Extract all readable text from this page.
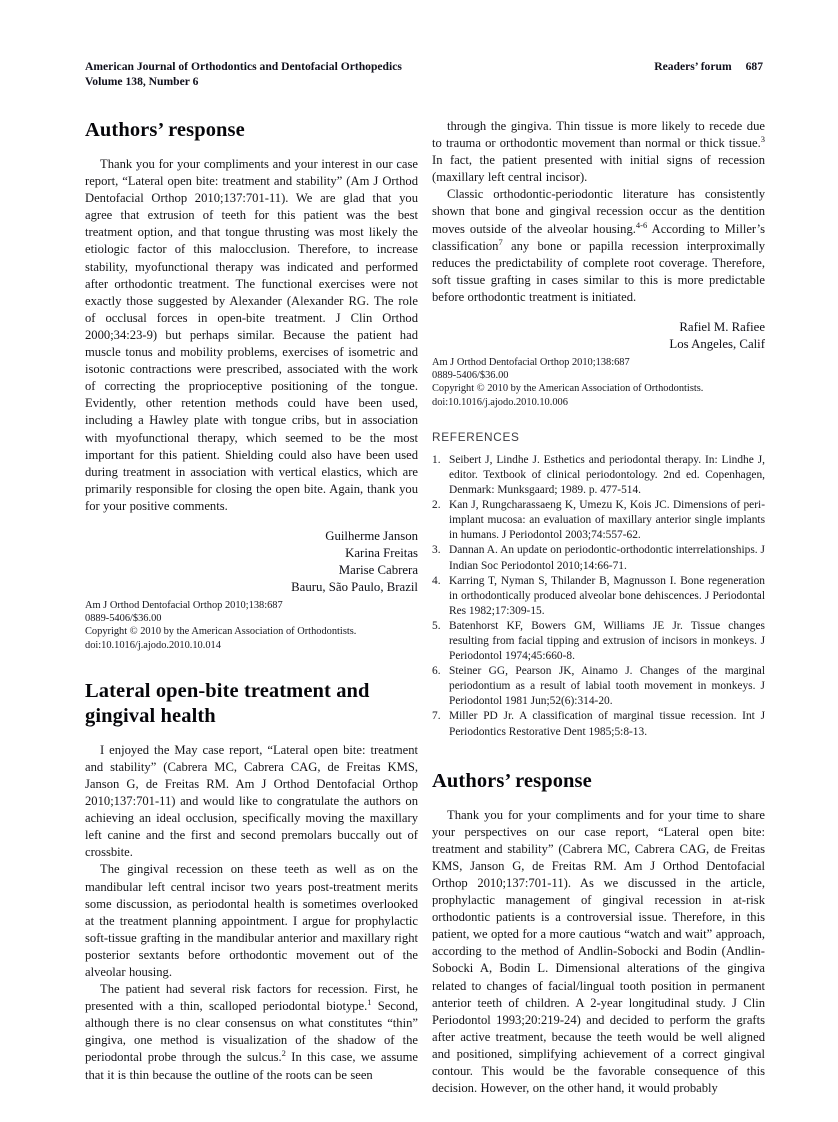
American Journal of Orthodontics and Dentofacial Orthopedics
Volume 138, Number 6
Readers’ forum 687
Authors’ response

Thank you for your compliments and your interest in our case report, “Lateral open bite: treatment and stability” (Am J Orthod Dentofacial Orthop 2010;137:701-11). We are glad that you agree that extrusion of teeth for this patient was the best treatment option, and that tongue thrusting was most likely the etiologic factor of this malocclusion. Therefore, to increase stability, myofunctional therapy was indicated and performed after orthodontic treatment. The functional exercises were not exactly those suggested by Alexander (Alexander RG. The role of occlusal forces in open-bite treatment. J Clin Orthod 2000;34:23-9) but perhaps similar. Because the patient had muscle tonus and mobility problems, exercises of isometric and isotonic contractions were prescribed, associated with the work of correcting the proprioceptive positioning of the tongue. Evidently, other retention methods could have been used, including a Hawley plate with tongue cribs, but in association with myofunctional therapy, which seemed to be the most important for this patient. Shielding could also have been used during treatment in association with vertical elastics, which are primarily responsible for closing the open bite. Again, thank you for your positive comments.

Guilherme Janson
Karina Freitas
Marise Cabrera
Bauru, São Paulo, Brazil
Am J Orthod Dentofacial Orthop 2010;138:687
0889-5406/$36.00
Copyright © 2010 by the American Association of Orthodontists.
doi:10.1016/j.ajodo.2010.10.014
Lateral open-bite treatment and gingival health

I enjoyed the May case report, “Lateral open bite: treatment and stability” (Cabrera MC, Cabrera CAG, de Freitas KMS, Janson G, de Freitas RM. Am J Orthod Dentofacial Orthop 2010;137:701-11) and would like to congratulate the authors on achieving an ideal occlusion, specifically moving the maxillary left canine and the first and second premolars buccally out of crossbite.

The gingival recession on these teeth as well as on the mandibular left central incisor two years post-treatment merits some discussion, as periodontal health is sometimes overlooked at the treatment planning appointment. I argue for prophylactic soft-tissue grafting in the mandibular anterior and maxillary right posterior sextants before orthodontic movement out of the alveolar housing.

The patient had several risk factors for recession. First, he presented with a thin, scalloped periodontal biotype.$^1$ Second, although there is no clear consensus on what constitutes “thin” gingiva, one method is visualization of the shadow of the periodontal probe through the sulcus.$^2$ In this case, we assume that it is thin because the outline of the roots can be seen

through the gingiva. Thin tissue is more likely to recede due to trauma or orthodontic movement than normal or thick tissue.$^3$ In fact, the patient presented with initial signs of recession (maxillary left central incisor).

Classic orthodontic-periodontic literature has consistently shown that bone and gingival recession occur as the dentition moves outside of the alveolar housing.$^{4-6}$ According to Miller’s classification$^7$ any bone or papilla recession interproximally reduces the predictability of complete root coverage. Therefore, soft tissue grafting in cases similar to this is more predictable before orthodontic treatment is initiated.

Rafiel M. Rafiee
Los Angeles, Calif
Am J Orthod Dentofacial Orthop 2010;138:687
0889-5406/$36.00
Copyright © 2010 by the American Association of Orthodontists.
doi:10.1016/j.ajodo.2010.10.006
REFERENCES
Seibert J, Lindhe J. Esthetics and periodontal therapy. In: Lindhe J, editor. Textbook of clinical periodontology. 2nd ed. Copenhagen, Denmark: Munksgaard; 1989. p. 477-514.
Kan J, Rungcharassaeng K, Umezu K, Kois JC. Dimensions of peri-implant mucosa: an evaluation of maxillary anterior single implants in humans. J Periodontol 2003;74:557-62.
Dannan A. An update on periodontic-orthodontic interrelationships. J Indian Soc Periodontol 2010;14:66-71.
Karring T, Nyman S, Thilander B, Magnusson I. Bone regeneration in orthodontically produced alveolar bone dehiscences. J Periodontal Res 1982;17:309-15.
Batenhorst KF, Bowers GM, Williams JE Jr. Tissue changes resulting from facial tipping and extrusion of incisors in monkeys. J Periodontol 1974;45:660-8.
Steiner GG, Pearson JK, Ainamo J. Changes of the marginal periodontium as a result of labial tooth movement in monkeys. J Periodontol 1981 Jun;52(6):314-20.
Miller PD Jr. A classification of marginal tissue recession. Int J Periodontics Restorative Dent 1985;5:8-13.
Authors’ response

Thank you for your compliments and for your time to share your perspectives on our case report, “Lateral open bite: treatment and stability” (Cabrera MC, Cabrera CAG, de Freitas KMS, Janson G, de Freitas RM. Am J Orthod Dentofacial Orthop 2010;137:701-11). As we discussed in the article, prophylactic management of gingival recession in at-risk orthodontic patients is a controversial issue. Therefore, in this patient, we opted for a more cautious “watch and wait” approach, according to the method of Andlin-Sobocki and Bodin (Andlin-Sobocki A, Bodin L. Dimensional alterations of the gingiva related to changes of facial/lingual tooth position in permanent anterior teeth of children. A 2-year longitudinal study. J Clin Periodontol 1993;20:219-24) and decided to perform the grafts after active treatment, because the teeth would be well aligned and positioned, simplifying achievement of a correct gingival contour. This would be the favorable consequence of this decision. However, on the other hand, it would probably
